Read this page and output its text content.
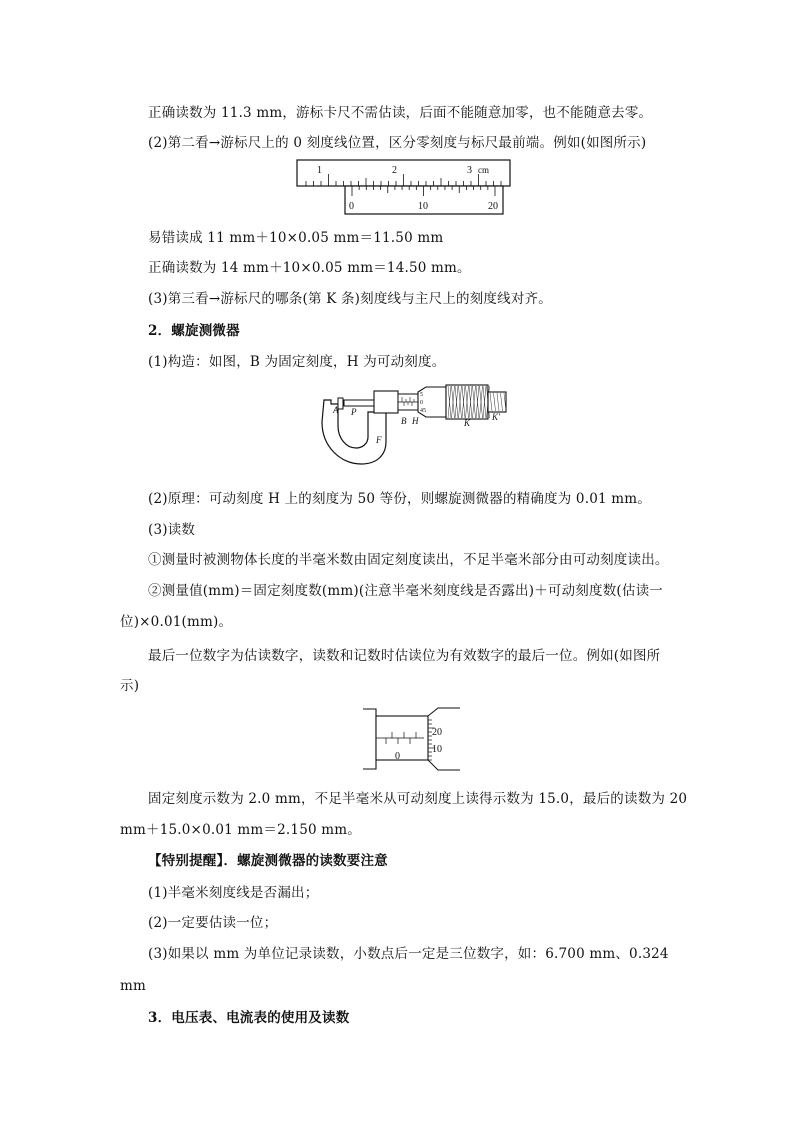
正确读数为 11.3 mm，游标卡尺不需估读，后面不能随意加零，也不能随意去零。
(2)第二看→游标尺上的 0 刻度线位置，区分零刻度与标尺最前端。例如(如图所示)
1	2	3 cm
0	10	20
易错读成 11 mm＋10×0.05 mm＝11.50 mm
正确读数为 14 mm＋10×0.05 mm＝14.50 mm。
(3)第三看→游标尺的哪条(第 K 条)刻度线与主尺上的刻度线对齐。
2．螺旋测微器
(1)构造：如图，B 为固定刻度，H 为可动刻度。
5
0
45
A P
B H	K
K′
F
(2)原理：可动刻度 H 上的刻度为 50 等份，则螺旋测微器的精确度为 0.01 mm。
(3)读数
①测量时被测物体长度的半毫米数由固定刻度读出，不足半毫米部分由可动刻度读出。
②测量值(mm)＝固定刻度数(mm)(注意半毫米刻度线是否露出)＋可动刻度数(估读一
位)×0.01(mm)。
最后一位数字为估读数字，读数和记数时估读位为有效数字的最后一位。例如(如图所
示)
0
20
10
固定刻度示数为 2.0 mm，不足半毫米从可动刻度上读得示数为 15.0，最后的读数为 20
mm＋15.0×0.01 mm＝2.150 mm。
【特别提醒】．螺旋测微器的读数要注意
(1)半毫米刻度线是否漏出；
(2)一定要估读一位；
(3)如果以 mm 为单位记录读数，小数点后一定是三位数字，如：6.700 mm、0.324
mm
3．电压表、电流表的使用及读数
